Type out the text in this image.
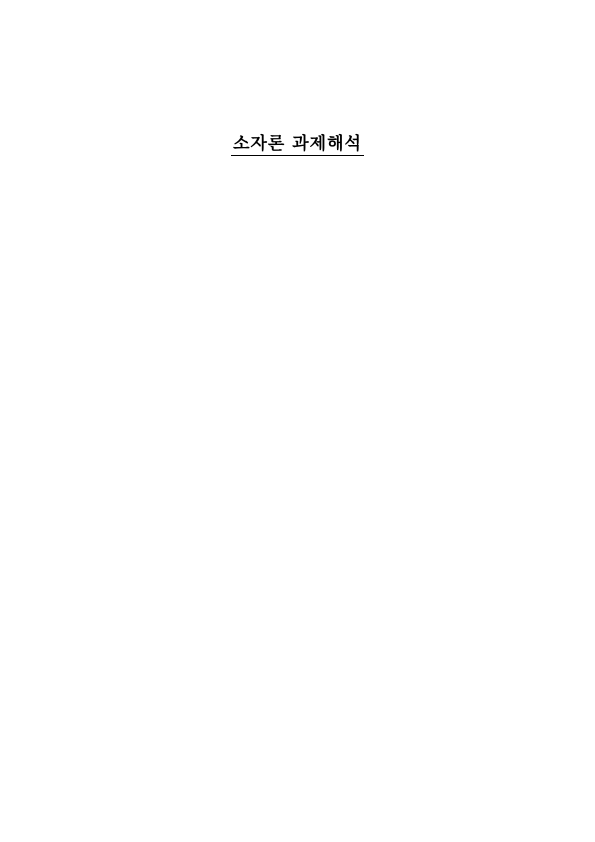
소자론 과제해석
